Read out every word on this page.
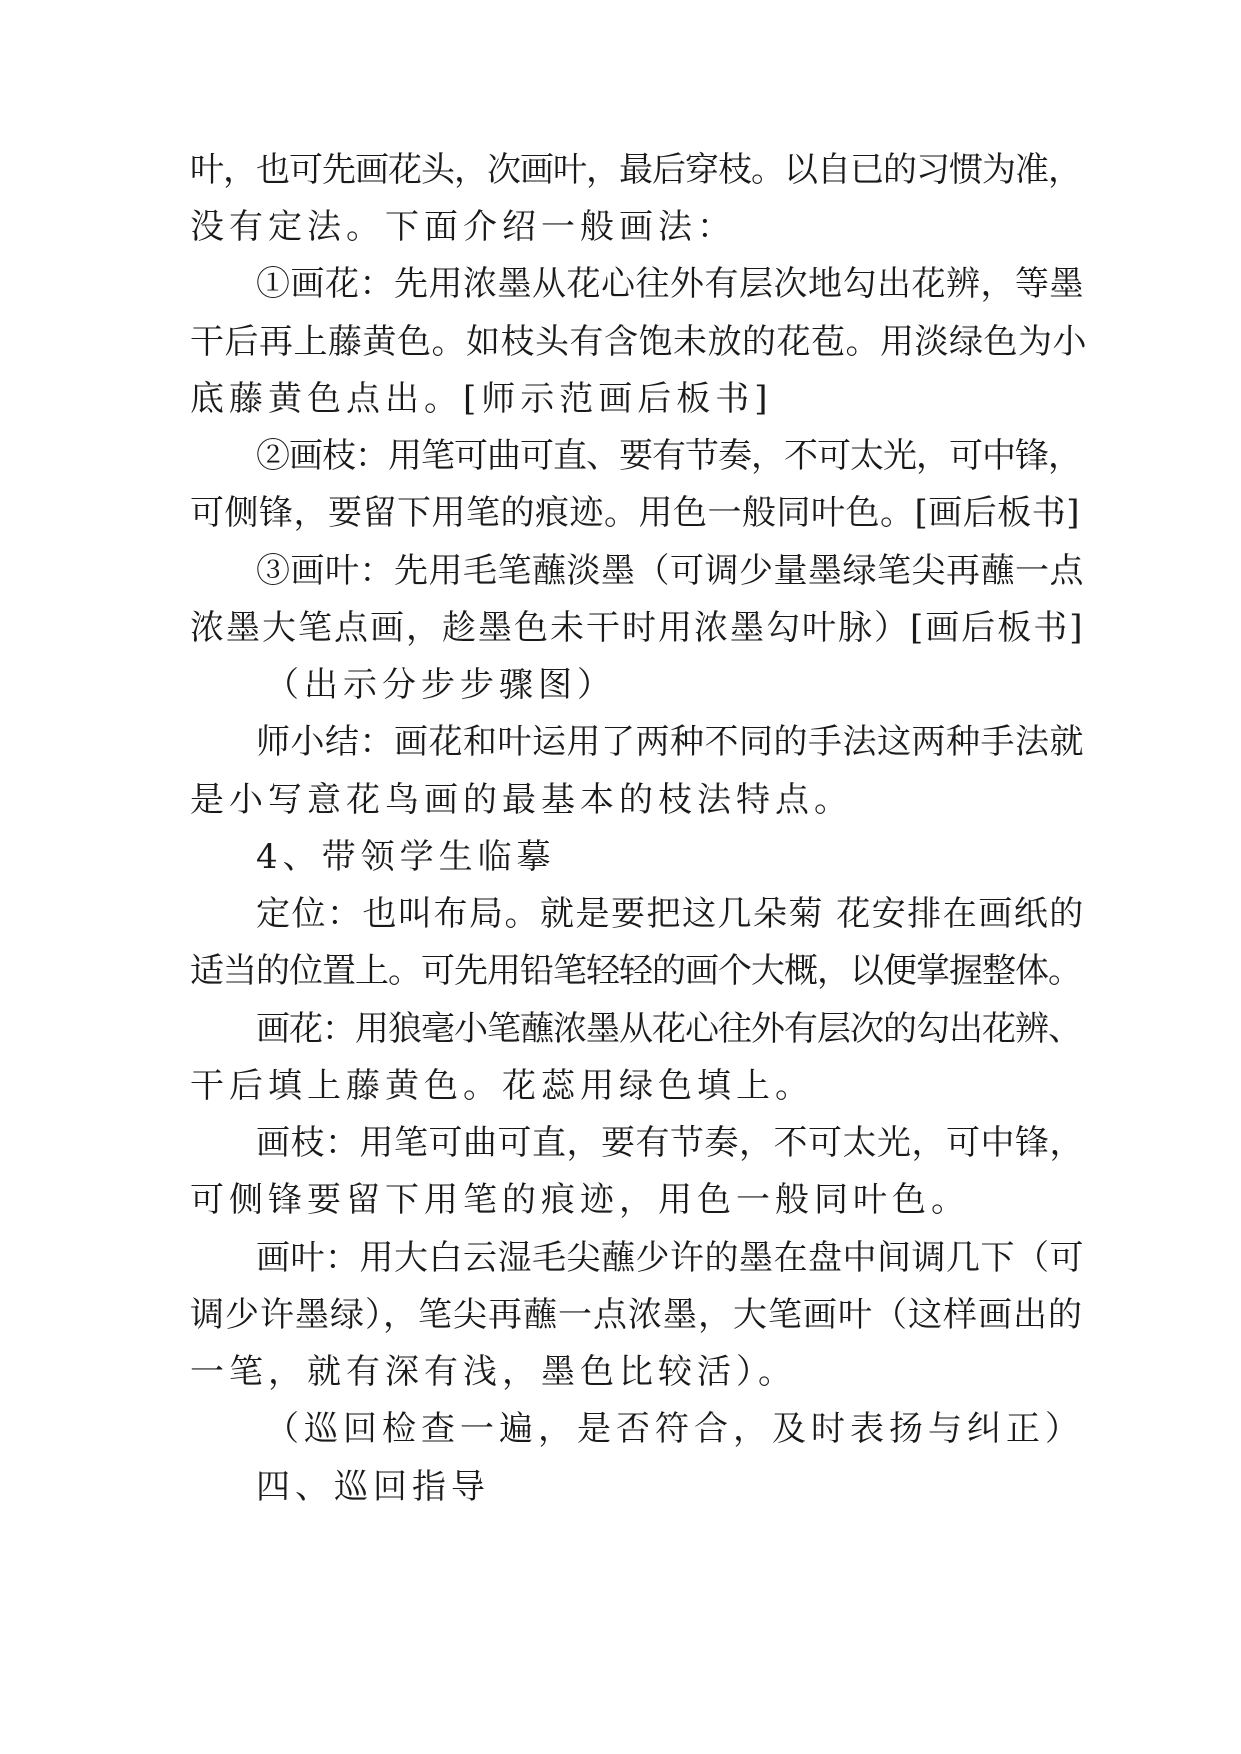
叶，也可先画花头，次画叶，最后穿枝。以自已的习惯为准，
没有定法。下面介绍一般画法：
①画花：先用浓墨从花心往外有层次地勾出花辨，等墨
干后再上藤黄色。如枝头有含饱未放的花苞。用淡绿色为小
底藤黄色点出。[师示范画后板书]
②画枝：用笔可曲可直、要有节奏，不可太光，可中锋，
可侧锋，要留下用笔的痕迹。用色一般同叶色。[画后板书]
③画叶：先用毛笔蘸淡墨（可调少量墨绿笔尖再蘸一点
浓墨大笔点画，趁墨色未干时用浓墨勾叶脉）[画后板书]
（出示分步步骤图）
师小结：画花和叶运用了两种不同的手法这两种手法就
是小写意花鸟画的最基本的枝法特点。
4、带领学生临摹
定位：也叫布局。就是要把这几朵菊 花安排在画纸的
适当的位置上。可先用铅笔轻轻的画个大概，以便掌握整体。
画花：用狼毫小笔蘸浓墨从花心往外有层次的勾出花辨、
干后填上藤黄色。花蕊用绿色填上。
画枝：用笔可曲可直，要有节奏，不可太光，可中锋，
可侧锋要留下用笔的痕迹，用色一般同叶色。
画叶：用大白云湿毛尖蘸少许的墨在盘中间调几下（可
调少许墨绿），笔尖再蘸一点浓墨，大笔画叶（这样画出的
一笔，就有深有浅，墨色比较活）。
（巡回检查一遍，是否符合，及时表扬与纠正）
四、巡回指导
